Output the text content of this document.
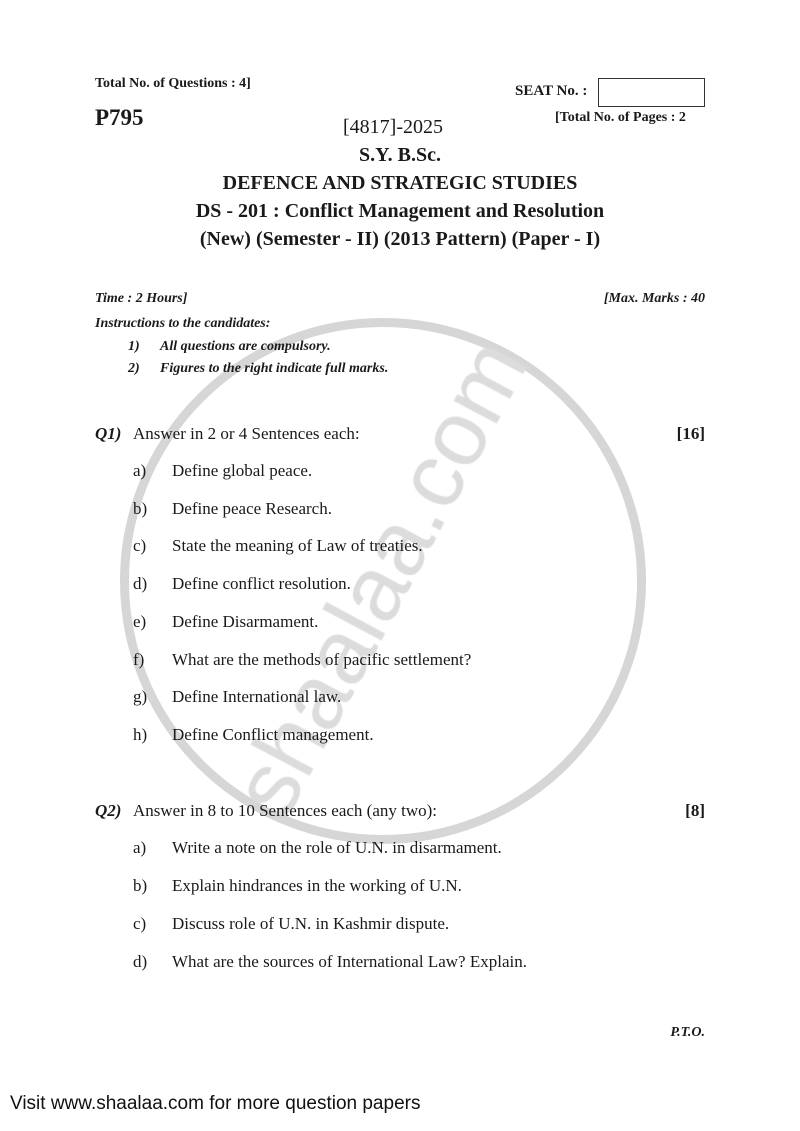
Total No. of Questions : 4]
P795
SEAT No. :
[Total No. of Pages : 2
[4817]-2025
S.Y. B.Sc.
DEFENCE AND STRATEGIC STUDIES
DS - 201 : Conflict Management and Resolution
(New) (Semester - II) (2013 Pattern) (Paper - I)
Time : 2 Hours]	[Max. Marks : 40
Instructions to the candidates:
1) All questions are compulsory.
2) Figures to the right indicate full marks.
Q1) Answer in 2 or 4 Sentences each:	[16]
a) Define global peace.
b) Define peace Research.
c) State the meaning of Law of treaties.
d) Define conflict resolution.
e) Define Disarmament.
f) What are the methods of pacific settlement?
g) Define International law.
h) Define Conflict management.
Q2) Answer in 8 to 10 Sentences each (any two):	[8]
a) Write a note on the role of U.N. in disarmament.
b) Explain hindrances in the working of U.N.
c) Discuss role of U.N. in Kashmir dispute.
d) What are the sources of International Law? Explain.
P.T.O.
Visit www.shaalaa.com for more question papers
